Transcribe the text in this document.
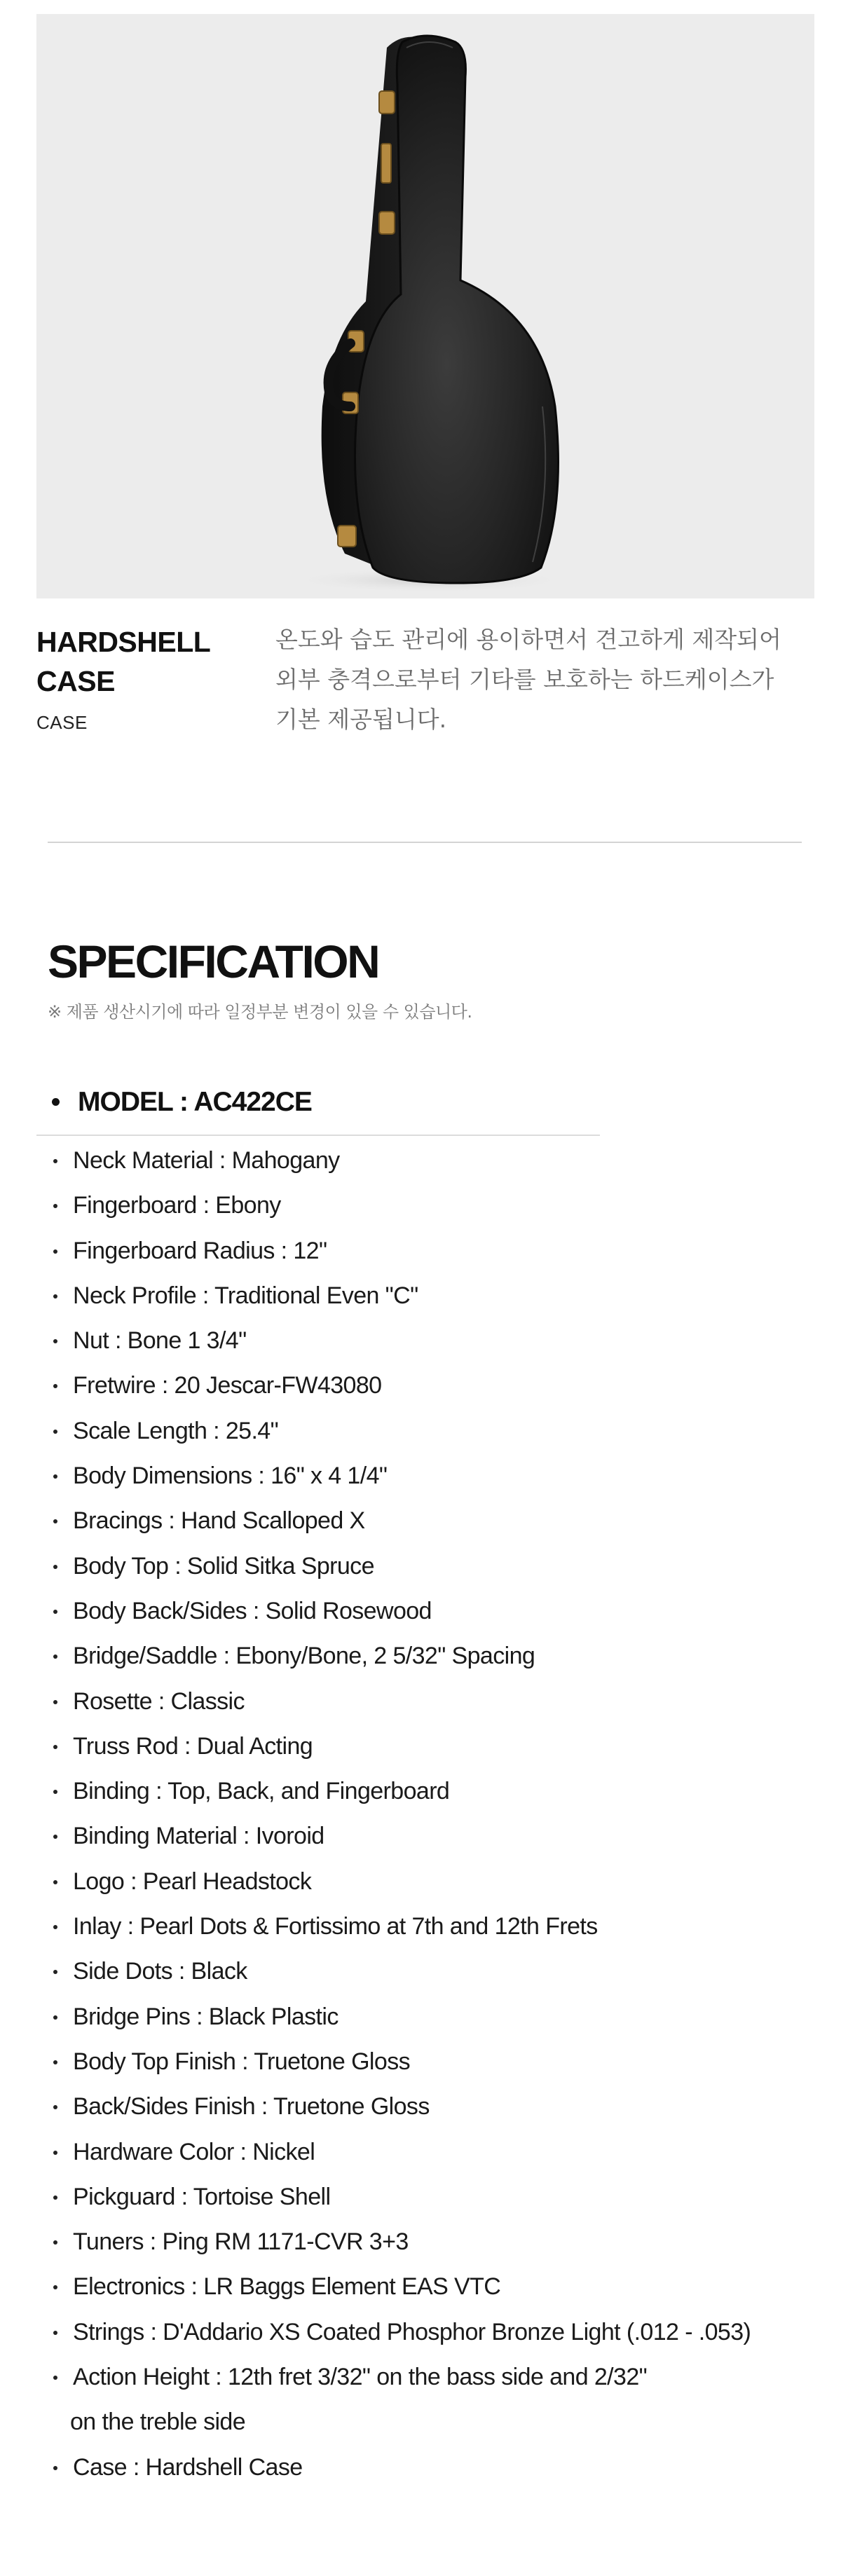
HARDSHELL
CASE
CASE
온도와 습도 관리에 용이하면서 견고하게 제작되어
외부 충격으로부터 기타를 보호하는 하드케이스가
기본 제공됩니다.
SPECIFICATION
※ 제품 생산시기에 따라 일정부분 변경이 있을 수 있습니다.
MODEL : AC422CE
Neck Material : Mahogany
Fingerboard : Ebony
Fingerboard Radius : 12"
Neck Profile : Traditional Even "C"
Nut : Bone 1 3/4"
Fretwire : 20 Jescar-FW43080
Scale Length : 25.4"
Body Dimensions : 16" x 4 1/4"
Bracings : Hand Scalloped X
Body Top : Solid Sitka Spruce
Body Back/Sides : Solid Rosewood
Bridge/Saddle : Ebony/Bone, 2 5/32" Spacing
Rosette : Classic
Truss Rod : Dual Acting
Binding : Top, Back, and Fingerboard
Binding Material : Ivoroid
Logo : Pearl Headstock
Inlay : Pearl Dots & Fortissimo at 7th and 12th Frets
Side Dots : Black
Bridge Pins : Black Plastic
Body Top Finish : Truetone Gloss
Back/Sides Finish : Truetone Gloss
Hardware Color : Nickel
Pickguard : Tortoise Shell
Tuners : Ping RM 1171-CVR 3+3
Electronics : LR Baggs Element EAS VTC
Strings : D'Addario XS Coated Phosphor Bronze Light (.012 - .053)
Action Height : 12th fret 3/32" on the bass side and 2/32"
on the treble side
Case : Hardshell Case
